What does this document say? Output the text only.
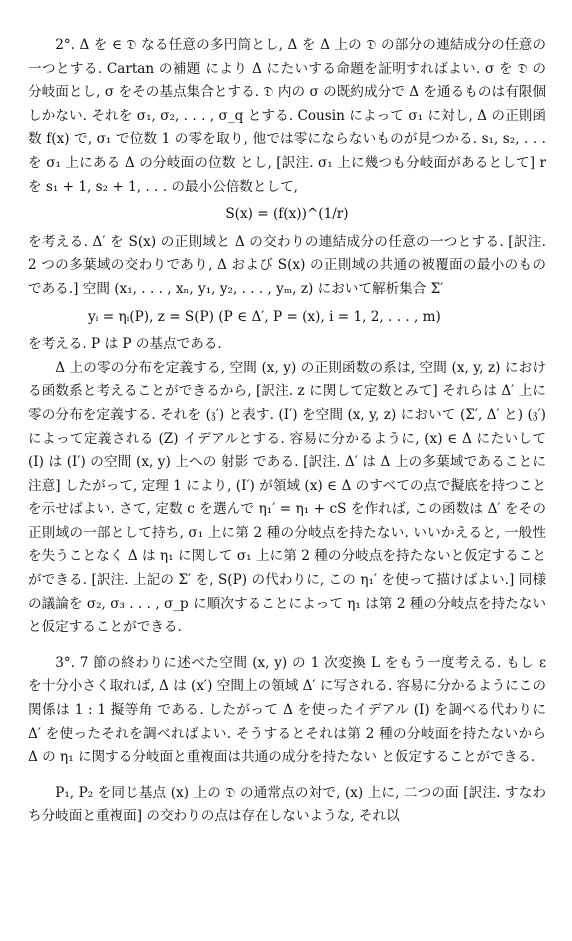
2°. Δ を ∈ 𝔇 なる任意の多円筒とし, Δ を Δ 上の 𝔇 の部分の連結成分の任意の一つとする. Cartan の補題 により Δ にたいする命題を証明すればよい. σ を 𝔇 の分岐面とし, σ をその基点集合とする. 𝔇 内の σ の既約成分で Δ を通るものは有限個しかない. それを σ₁, σ₂, . . . , σ_q とする. Cousin によって σ₁ に対し, Δ の正則函数 f(x) で, σ₁ で位数 1 の零を取り, 他では零にならないものが見つかる. s₁, s₂, . . . を σ₁ 上にある Δ の分岐面の位数 とし, [訳注. σ₁ 上に幾つも分岐面があるとして] r を s₁ + 1, s₂ + 1, . . . の最小公倍数として,

S(x) = (f(x))^(1/r)

を考える. Δ′ を S(x) の正則域と Δ の交わりの連結成分の任意の一つとする. [訳注. 2 つの多葉域の交わりであり, Δ および S(x) の正則域の共通の被覆面の最小のものである.] 空間 (x₁, . . . , xₙ, y₁, y₂, . . . , yₘ, z) において解析集合 Σ′

yᵢ = ηᵢ(P), z = S(P) (P ∈ Δ′, P = (x), i = 1, 2, . . . , m)

を考える. P は P の基点である.

Δ 上の零の分布を定義する, 空間 (x, y) の正則函数の系は, 空間 (x, y, z) における函数系と考えることができるから, [訳注. z に関して定数とみて] それらは Δ′ 上に零の分布を定義する. それを (𝔷′) と表す. (I′) を空間 (x, y, z) において (Σ′, Δ′ と) (𝔷′) によって定義される (Z) イデアルとする. 容易に分かるように, (x) ∈ Δ にたいして (I) は (I′) の空間 (x, y) 上への 射影 である. [訳注. Δ′ は Δ 上の多葉域であることに注意] したがって, 定理 1 により, (I′) が領域 (x) ∈ Δ のすべての点で擬底を持つことを示せばよい. さて, 定数 c を選んで η₁′ = η₁ + cS を作れば, この函数は Δ′ をその正則域の一部として持ち, σ₁ 上に第 2 種の分岐点を持たない. いいかえると, 一般性を失うことなく Δ は η₁ に関して σ₁ 上に第 2 種の分岐点を持たないと仮定することができる. [訳注. 上記の Σ′ を, S(P) の代わりに, この η₁′ を使って描けばよい.] 同様の議論を σ₂, σ₃ . . . , σ_p に順次することによって η₁ は第 2 種の分岐点を持たないと仮定することができる.

3°. 7 節の終わりに述べた空間 (x, y) の 1 次変換 L をもう一度考える. もし ε を十分小さく取れば, Δ は (x′) 空間上の領域 Δ′ に写される. 容易に分かるようにこの関係は 1 : 1 擬等角 である. したがって Δ を使ったイデアル (I) を調べる代わりに Δ′ を使ったそれを調べればよい. そうするとそれは第 2 種の分岐面を持たないから Δ の η₁ に関する分岐面と重複面は共通の成分を持たない と仮定することができる.

P₁, P₂ を同じ基点 (x) 上の 𝔇 の通常点の対で, (x) 上に, 二つの面 [訳注. すなわち分岐面と重複面] の交わりの点は存在しないような, それ以
